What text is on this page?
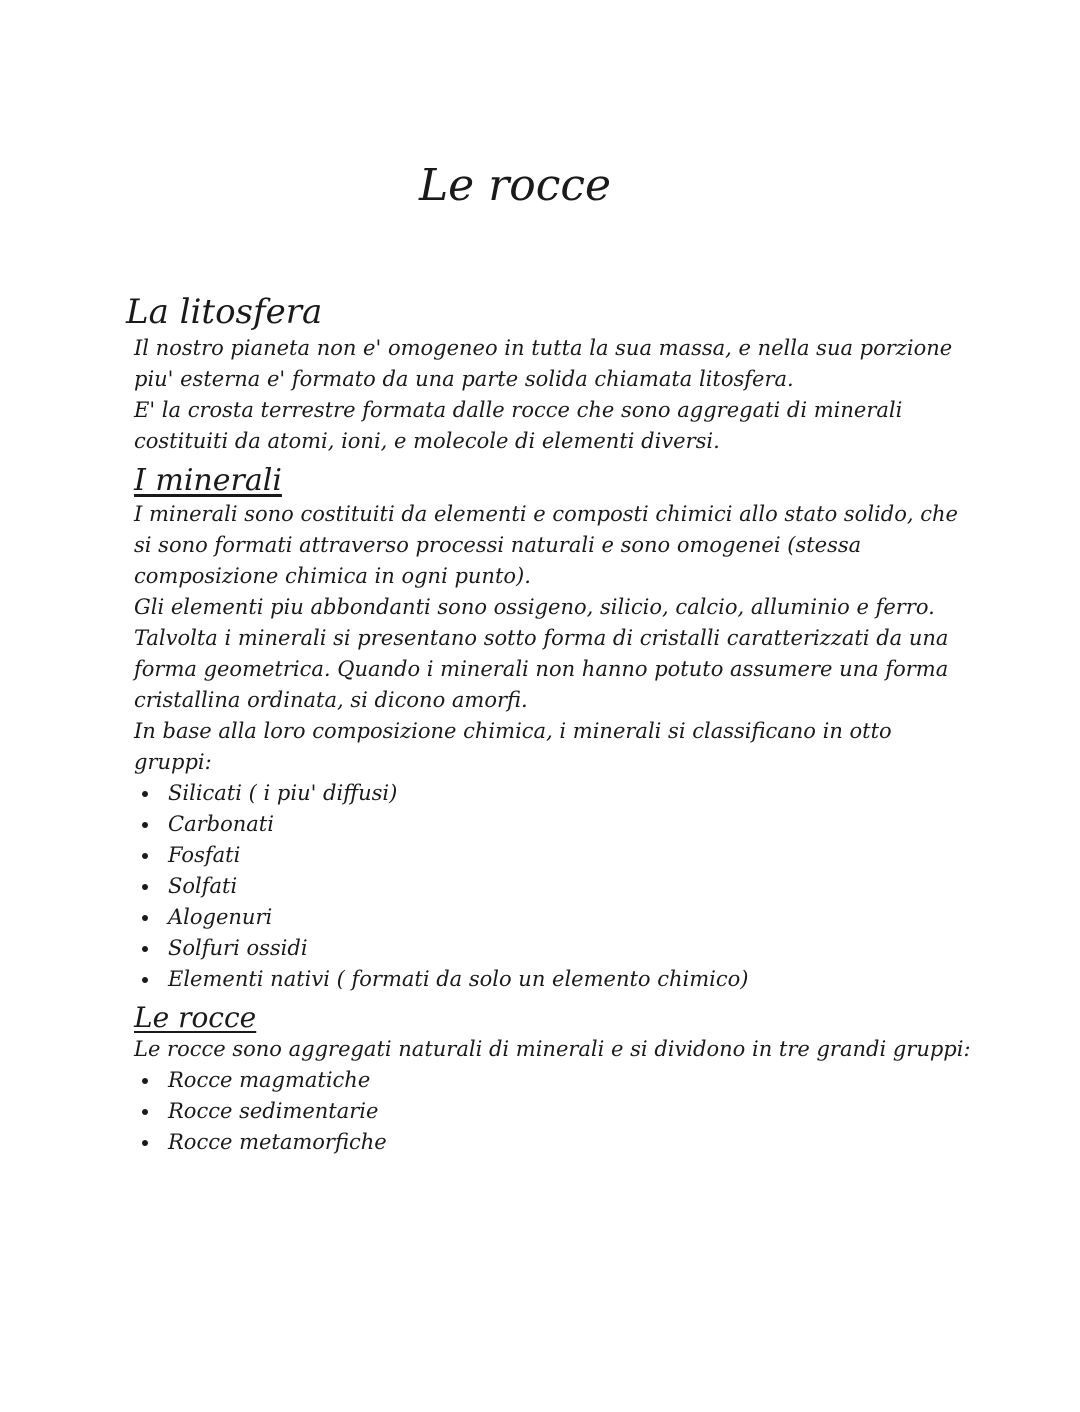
Le rocce
La litosfera

Il nostro pianeta non e' omogeneo in tutta la sua massa, e nella sua porzione piu' esterna e' formato da una parte solida chiamata litosfera.

E' la crosta terrestre formata dalle rocce che sono aggregati di minerali costituiti da atomi, ioni, e molecole di elementi diversi.

I minerali

I minerali sono costituiti da elementi e composti chimici allo stato solido, che si sono formati attraverso processi naturali e sono omogenei (stessa composizione chimica in ogni punto).

Gli elementi piu abbondanti sono ossigeno, silicio, calcio, alluminio e ferro.

Talvolta i minerali si presentano sotto forma di cristalli caratterizzati da una forma geometrica. Quando i minerali non hanno potuto assumere una forma cristallina ordinata, si dicono amorfi.

In base alla loro composizione chimica, i minerali si classificano in otto gruppi:

Silicati ( i piu' diffusi)
Carbonati
Fosfati
Solfati
Alogenuri
Solfuri ossidi
Elementi nativi ( formati da solo un elemento chimico)
Le rocce

Le rocce sono aggregati naturali di minerali e si dividono in tre grandi gruppi:

Rocce magmatiche
Rocce sedimentarie
Rocce metamorfiche
